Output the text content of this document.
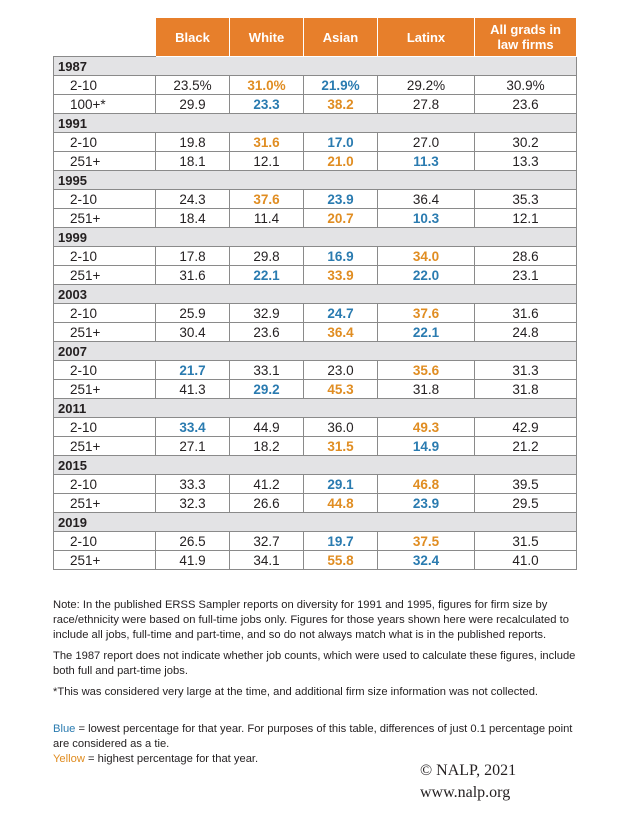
	Black	White	Asian	Latinx	All grads in law firms
1987					
2-10	23.5%	31.0%	21.9%	29.2%	30.9%
100+*	29.9	23.3	38.2	27.8	23.6
1991					
2-10	19.8	31.6	17.0	27.0	30.2
251+	18.1	12.1	21.0	11.3	13.3
1995					
2-10	24.3	37.6	23.9	36.4	35.3
251+	18.4	11.4	20.7	10.3	12.1
1999					
2-10	17.8	29.8	16.9	34.0	28.6
251+	31.6	22.1	33.9	22.0	23.1
2003					
2-10	25.9	32.9	24.7	37.6	31.6
251+	30.4	23.6	36.4	22.1	24.8
2007					
2-10	21.7	33.1	23.0	35.6	31.3
251+	41.3	29.2	45.3	31.8	31.8
2011					
2-10	33.4	44.9	36.0	49.3	42.9
251+	27.1	18.2	31.5	14.9	21.2
2015					
2-10	33.3	41.2	29.1	46.8	39.5
251+	32.3	26.6	44.8	23.9	29.5
2019					
2-10	26.5	32.7	19.7	37.5	31.5
251+	41.9	34.1	55.8	32.4	41.0

Note: In the published ERSS Sampler reports on diversity for 1991 and 1995, figures for firm size by race/ethnicity were based on full-time jobs only. Figures for those years shown here were recalculated to include all jobs, full-time and part-time, and so do not always match what is in the published reports.

The 1987 report does not indicate whether job counts, which were used to calculate these figures, include both full and part-time jobs.

*This was considered very large at the time, and additional firm size information was not collected.

Blue = lowest percentage for that year. For purposes of this table, differences of just 0.1 percentage point are considered as a tie.

Yellow = highest percentage for that year.

© NALP, 2021
www.nalp.org
